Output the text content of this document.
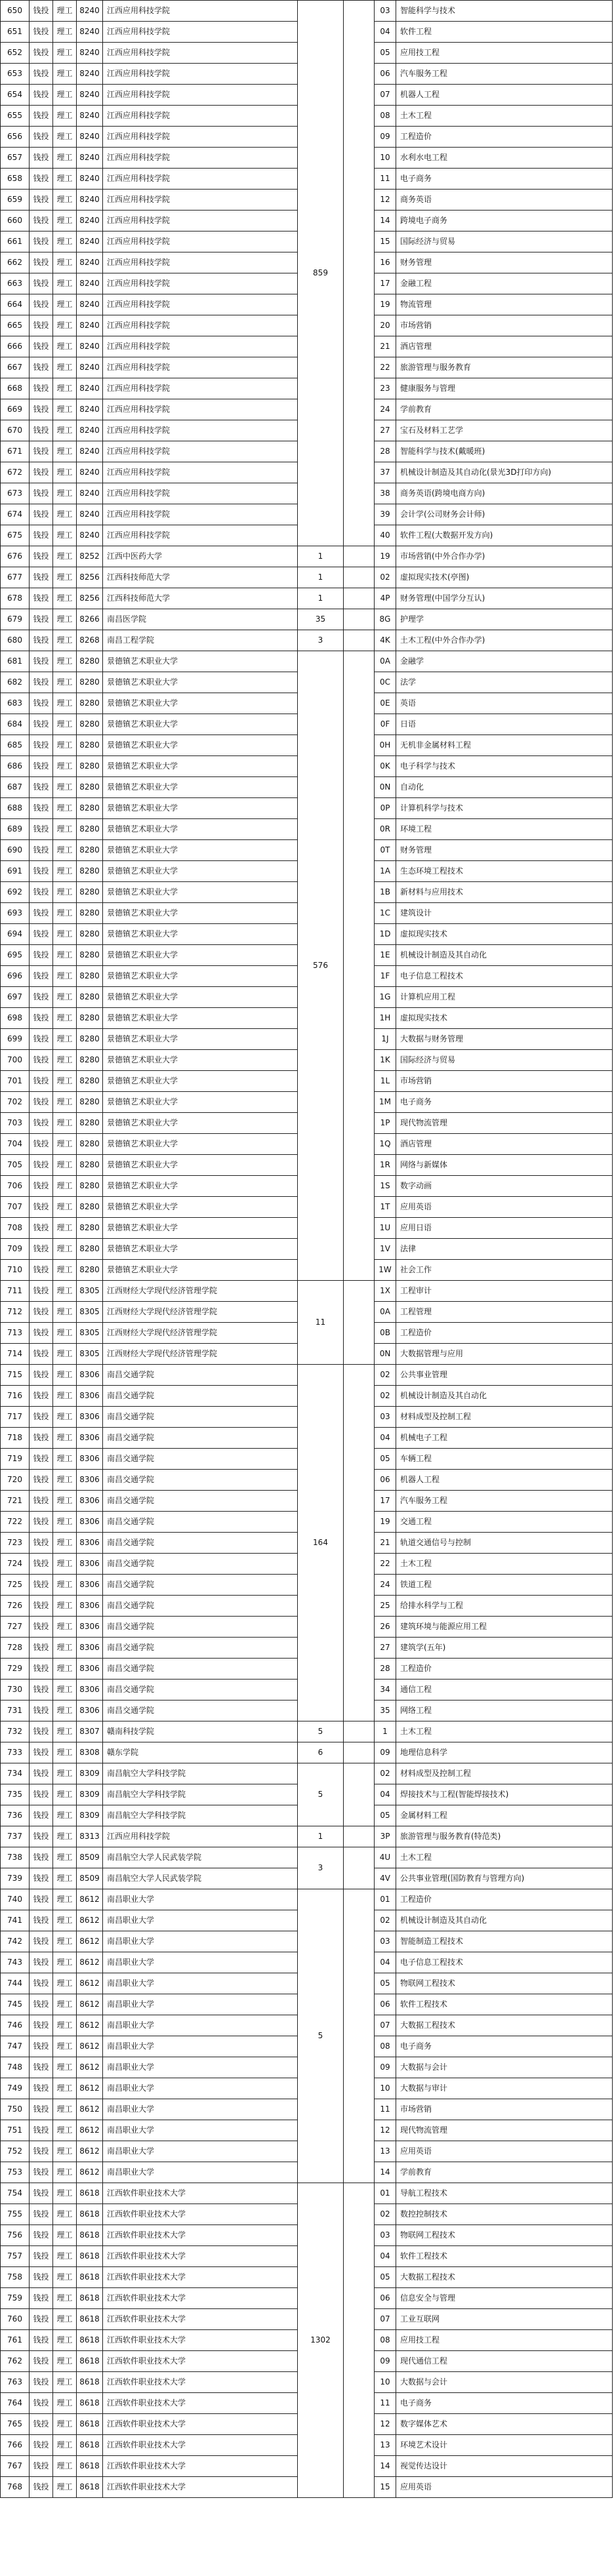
650	钱投	理工	8240	江西应用科技学院	859		03	智能科学与技术
651	钱投	理工	8240	江西应用科技学院			04	软件工程
652	钱投	理工	8240	江西应用科技学院			05	应用技工程
653	钱投	理工	8240	江西应用科技学院			06	汽车服务工程
654	钱投	理工	8240	江西应用科技学院			07	机器人工程
655	钱投	理工	8240	江西应用科技学院			08	土木工程
656	钱投	理工	8240	江西应用科技学院			09	工程造价
657	钱投	理工	8240	江西应用科技学院			10	水利水电工程
658	钱投	理工	8240	江西应用科技学院			11	电子商务
659	钱投	理工	8240	江西应用科技学院			12	商务英语
660	钱投	理工	8240	江西应用科技学院			14	跨境电子商务
661	钱投	理工	8240	江西应用科技学院			15	国际经济与贸易
662	钱投	理工	8240	江西应用科技学院			16	财务管理
663	钱投	理工	8240	江西应用科技学院			17	金融工程
664	钱投	理工	8240	江西应用科技学院			19	物流管理
665	钱投	理工	8240	江西应用科技学院			20	市场营销
666	钱投	理工	8240	江西应用科技学院			21	酒店管理
667	钱投	理工	8240	江西应用科技学院			22	旅游管理与服务教育
668	钱投	理工	8240	江西应用科技学院			23	健康服务与管理
669	钱投	理工	8240	江西应用科技学院			24	学前教育
670	钱投	理工	8240	江西应用科技学院			27	宝石及材料工艺学
671	钱投	理工	8240	江西应用科技学院			28	智能科学与技术(戴暖班)
672	钱投	理工	8240	江西应用科技学院			37	机械设计制造及其自动化(景光3D打印方向)
673	钱投	理工	8240	江西应用科技学院			38	商务英语(跨境电商方向)
674	钱投	理工	8240	江西应用科技学院			39	会计学(公司财务会计师)
675	钱投	理工	8240	江西应用科技学院			40	软件工程(大数据开发方向)
676	钱投	理工	8252	江西中医药大学	1		19	市场营销(中外合作办学)
677	钱投	理工	8256	江西科技师范大学	1		02	虚拟现实技术(亭图)
678	钱投	理工	8256	江西科技师范大学	1		4P	财务管理(中国学分互认)
679	钱投	理工	8266	南昌医学院	35		8G	护理学
680	钱投	理工	8268	南昌工程学院	3		4K	土木工程(中外合作办学)
681	钱投	理工	8280	景德镇艺术职业大学	576		0A	金融学
682	钱投	理工	8280	景德镇艺术职业大学			0C	法学
683	钱投	理工	8280	景德镇艺术职业大学			0E	英语
684	钱投	理工	8280	景德镇艺术职业大学			0F	日语
685	钱投	理工	8280	景德镇艺术职业大学			0H	无机非金属材料工程
686	钱投	理工	8280	景德镇艺术职业大学			0K	电子科学与技术
687	钱投	理工	8280	景德镇艺术职业大学			0N	自动化
688	钱投	理工	8280	景德镇艺术职业大学			0P	计算机科学与技术
689	钱投	理工	8280	景德镇艺术职业大学			0R	环境工程
690	钱投	理工	8280	景德镇艺术职业大学			0T	财务管理
691	钱投	理工	8280	景德镇艺术职业大学			1A	生态环境工程技术
692	钱投	理工	8280	景德镇艺术职业大学			1B	新材料与应用技术
693	钱投	理工	8280	景德镇艺术职业大学			1C	建筑设计
694	钱投	理工	8280	景德镇艺术职业大学			1D	虚拟现实技术
695	钱投	理工	8280	景德镇艺术职业大学			1E	机械设计制造及其自动化
696	钱投	理工	8280	景德镇艺术职业大学			1F	电子信息工程技术
697	钱投	理工	8280	景德镇艺术职业大学			1G	计算机应用工程
698	钱投	理工	8280	景德镇艺术职业大学			1H	虚拟现实技术
699	钱投	理工	8280	景德镇艺术职业大学			1J	大数据与财务管理
700	钱投	理工	8280	景德镇艺术职业大学			1K	国际经济与贸易
701	钱投	理工	8280	景德镇艺术职业大学			1L	市场营销
702	钱投	理工	8280	景德镇艺术职业大学			1M	电子商务
703	钱投	理工	8280	景德镇艺术职业大学			1P	现代物流管理
704	钱投	理工	8280	景德镇艺术职业大学			1Q	酒店管理
705	钱投	理工	8280	景德镇艺术职业大学			1R	网络与新媒体
706	钱投	理工	8280	景德镇艺术职业大学			1S	数字动画
707	钱投	理工	8280	景德镇艺术职业大学			1T	应用英语
708	钱投	理工	8280	景德镇艺术职业大学			1U	应用日语
709	钱投	理工	8280	景德镇艺术职业大学			1V	法律
710	钱投	理工	8280	景德镇艺术职业大学			1W	社会工作
711	钱投	理工	8305	江西财经大学现代经济管理学院	11		1X	工程审计
712	钱投	理工	8305	江西财经大学现代经济管理学院			0A	工程管理
713	钱投	理工	8305	江西财经大学现代经济管理学院			0B	工程造价
714	钱投	理工	8305	江西财经大学现代经济管理学院			0N	大数据管理与应用
715	钱投	理工	8306	南昌交通学院	164		02	公共事业管理
716	钱投	理工	8306	南昌交通学院			02	机械设计制造及其自动化
717	钱投	理工	8306	南昌交通学院			03	材料成型及控制工程
718	钱投	理工	8306	南昌交通学院			04	机械电子工程
719	钱投	理工	8306	南昌交通学院			05	车辆工程
720	钱投	理工	8306	南昌交通学院			06	机器人工程
721	钱投	理工	8306	南昌交通学院			17	汽车服务工程
722	钱投	理工	8306	南昌交通学院			19	交通工程
723	钱投	理工	8306	南昌交通学院			21	轨道交通信号与控制
724	钱投	理工	8306	南昌交通学院			22	土木工程
725	钱投	理工	8306	南昌交通学院			24	铁道工程
726	钱投	理工	8306	南昌交通学院			25	给排水科学与工程
727	钱投	理工	8306	南昌交通学院			26	建筑环境与能源应用工程
728	钱投	理工	8306	南昌交通学院			27	建筑学(五年)
729	钱投	理工	8306	南昌交通学院			28	工程造价
730	钱投	理工	8306	南昌交通学院			34	通信工程
731	钱投	理工	8306	南昌交通学院			35	网络工程
732	钱投	理工	8307	赣南科技学院	5		1	土木工程
733	钱投	理工	8308	赣东学院	6		09	地理信息科学
734	钱投	理工	8309	南昌航空大学科技学院	5		02	材料成型及控制工程
735	钱投	理工	8309	南昌航空大学科技学院			04	焊接技术与工程(智能焊接技术)
736	钱投	理工	8309	南昌航空大学科技学院			05	金属材料工程
737	钱投	理工	8313	江西应用科技学院	1		3P	旅游管理与服务教育(特范类)
738	钱投	理工	8509	南昌航空大学人民武装学院	3		4U	土木工程
739	钱投	理工	8509	南昌航空大学人民武装学院			4V	公共事业管理(国防教育与管理方向)
740	钱投	理工	8612	南昌职业大学	5		01	工程造价
741	钱投	理工	8612	南昌职业大学			02	机械设计制造及其自动化
742	钱投	理工	8612	南昌职业大学			03	智能制造工程技术
743	钱投	理工	8612	南昌职业大学			04	电子信息工程技术
744	钱投	理工	8612	南昌职业大学			05	物联网工程技术
745	钱投	理工	8612	南昌职业大学			06	软件工程技术
746	钱投	理工	8612	南昌职业大学			07	大数据工程技术
747	钱投	理工	8612	南昌职业大学			08	电子商务
748	钱投	理工	8612	南昌职业大学			09	大数据与会计
749	钱投	理工	8612	南昌职业大学			10	大数据与审计
750	钱投	理工	8612	南昌职业大学			11	市场营销
751	钱投	理工	8612	南昌职业大学			12	现代物流管理
752	钱投	理工	8612	南昌职业大学			13	应用英语
753	钱投	理工	8612	南昌职业大学			14	学前教育
754	钱投	理工	8618	江西软件职业技术大学	1302		01	导航工程技术
755	钱投	理工	8618	江西软件职业技术大学			02	数控控制技术
756	钱投	理工	8618	江西软件职业技术大学			03	物联网工程技术
757	钱投	理工	8618	江西软件职业技术大学			04	软件工程技术
758	钱投	理工	8618	江西软件职业技术大学			05	大数据工程技术
759	钱投	理工	8618	江西软件职业技术大学			06	信息安全与管理
760	钱投	理工	8618	江西软件职业技术大学			07	工业互联网
761	钱投	理工	8618	江西软件职业技术大学			08	应用技工程
762	钱投	理工	8618	江西软件职业技术大学			09	现代通信工程
763	钱投	理工	8618	江西软件职业技术大学			10	大数据与会计
764	钱投	理工	8618	江西软件职业技术大学			11	电子商务
765	钱投	理工	8618	江西软件职业技术大学			12	数字媒体艺术
766	钱投	理工	8618	江西软件职业技术大学			13	环境艺术设计
767	钱投	理工	8618	江西软件职业技术大学			14	视觉传达设计
768	钱投	理工	8618	江西软件职业技术大学			15	应用英语
